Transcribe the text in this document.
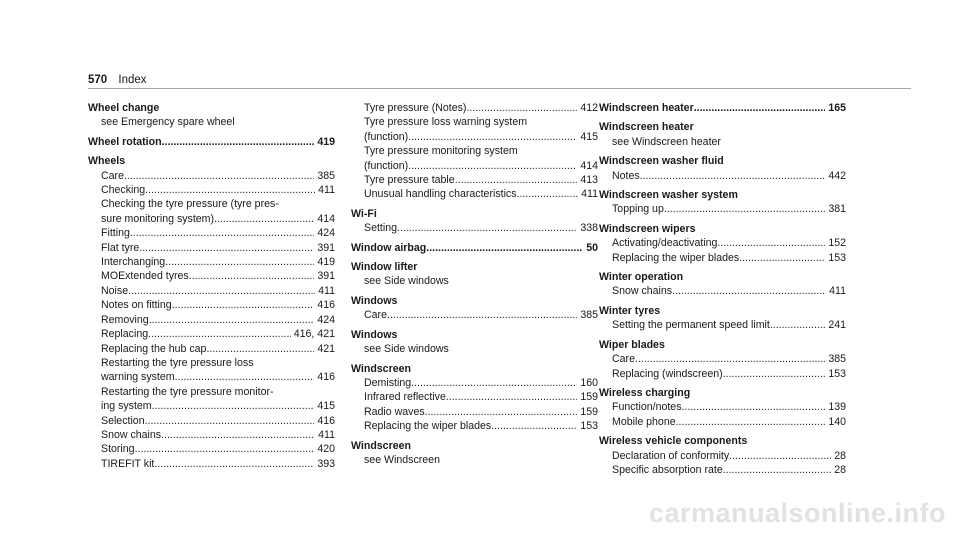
570 Index
Wheel change
see Emergency spare wheel
Wheel rotation .....	419
Wheels
Care .....	385
Checking .....	411
Checking the tyre pressure (tyre pres-
sure monitoring system) .....	414
Fitting .....	424
Flat tyre .....	391
Interchanging .....	419
MOExtended tyres .....	391
Noise .....	411
Notes on fitting .....	416
Removing .....	424
Replacing .....	416, 421
Replacing the hub cap .....	421
Restarting the tyre pressure loss
warning system .....	416
Restarting the tyre pressure monitor-
ing system .....	415
Selection .....	416
Snow chains .....	411
Storing .....	420
TIREFIT kit .....	393
Tyre pressure (Notes) .....	412
Tyre pressure loss warning system
(function) .....	415
Tyre pressure monitoring system
(function) .....	414
Tyre pressure table .....	413
Unusual handling characteristics .....	411
Wi-Fi
Setting .....	338
Window airbag .....	50
Window lifter
see Side windows
Windows
Care .....	385
Windows
see Side windows
Windscreen
Demisting .....	160
Infrared reflective .....	159
Radio waves .....	159
Replacing the wiper blades .....	153
Windscreen
see Windscreen
Windscreen heater .....	165
Windscreen heater
see Windscreen heater
Windscreen washer fluid
Notes .....	442
Windscreen washer system
Topping up .....	381
Windscreen wipers
Activating/deactivating .....	152
Replacing the wiper blades .....	153
Winter operation
Snow chains .....	411
Winter tyres
Setting the permanent speed limit .....	241
Wiper blades
Care .....	385
Replacing (windscreen) .....	153
Wireless charging
Function/notes .....	139
Mobile phone .....	140
Wireless vehicle components
Declaration of conformity .....	28
Specific absorption rate .....	28
carmanualsonline.info
